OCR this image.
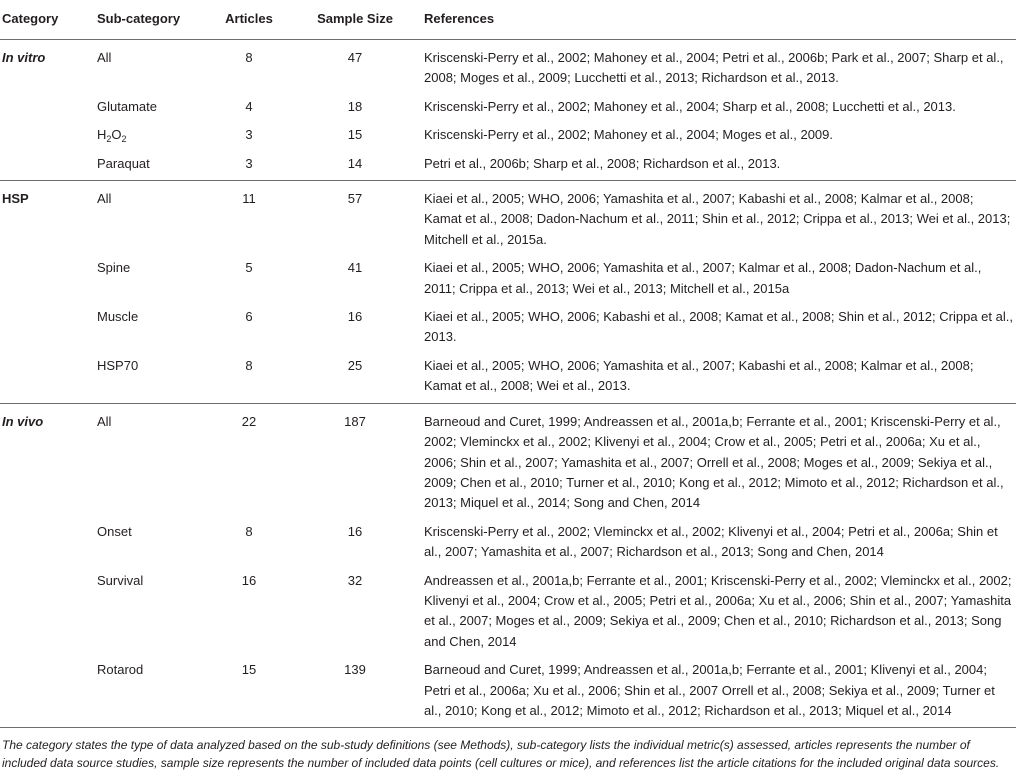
Category	Sub-category	Articles	Sample Size	References
In vitro	All	8	47	Kriscenski-Perry et al., 2002; Mahoney et al., 2004; Petri et al., 2006b; Park et al., 2007; Sharp et al., 2008; Moges et al., 2009; Lucchetti et al., 2013; Richardson et al., 2013.
	Glutamate	4	18	Kriscenski-Perry et al., 2002; Mahoney et al., 2004; Sharp et al., 2008; Lucchetti et al., 2013.
	$H_2O_2$	3	15	Kriscenski-Perry et al., 2002; Mahoney et al., 2004; Moges et al., 2009.
	Paraquat	3	14	Petri et al., 2006b; Sharp et al., 2008; Richardson et al., 2013.
HSP	All	11	57	Kiaei et al., 2005; WHO, 2006; Yamashita et al., 2007; Kabashi et al., 2008; Kalmar et al., 2008; Kamat et al., 2008; Dadon-Nachum et al., 2011; Shin et al., 2012; Crippa et al., 2013; Wei et al., 2013; Mitchell et al., 2015a.
	Spine	5	41	Kiaei et al., 2005; WHO, 2006; Yamashita et al., 2007; Kalmar et al., 2008; Dadon-Nachum et al., 2011; Crippa et al., 2013; Wei et al., 2013; Mitchell et al., 2015a
	Muscle	6	16	Kiaei et al., 2005; WHO, 2006; Kabashi et al., 2008; Kamat et al., 2008; Shin et al., 2012; Crippa et al., 2013.
	HSP70	8	25	Kiaei et al., 2005; WHO, 2006; Yamashita et al., 2007; Kabashi et al., 2008; Kalmar et al., 2008; Kamat et al., 2008; Wei et al., 2013.
In vivo	All	22	187	Barneoud and Curet, 1999; Andreassen et al., 2001a,b; Ferrante et al., 2001; Kriscenski-Perry et al., 2002; Vleminckx et al., 2002; Klivenyi et al., 2004; Crow et al., 2005; Petri et al., 2006a; Xu et al., 2006; Shin et al., 2007; Yamashita et al., 2007; Orrell et al., 2008; Moges et al., 2009; Sekiya et al., 2009; Chen et al., 2010; Turner et al., 2010; Kong et al., 2012; Mimoto et al., 2012; Richardson et al., 2013; Miquel et al., 2014; Song and Chen, 2014
	Onset	8	16	Kriscenski-Perry et al., 2002; Vleminckx et al., 2002; Klivenyi et al., 2004; Petri et al., 2006a; Shin et al., 2007; Yamashita et al., 2007; Richardson et al., 2013; Song and Chen, 2014
	Survival	16	32	Andreassen et al., 2001a,b; Ferrante et al., 2001; Kriscenski-Perry et al., 2002; Vleminckx et al., 2002; Klivenyi et al., 2004; Crow et al., 2005; Petri et al., 2006a; Xu et al., 2006; Shin et al., 2007; Yamashita et al., 2007; Moges et al., 2009; Sekiya et al., 2009; Chen et al., 2010; Richardson et al., 2013; Song and Chen, 2014
	Rotarod	15	139	Barneoud and Curet, 1999; Andreassen et al., 2001a,b; Ferrante et al., 2001; Klivenyi et al., 2004; Petri et al., 2006a; Xu et al., 2006; Shin et al., 2007 Orrell et al., 2008; Sekiya et al., 2009; Turner et al., 2010; Kong et al., 2012; Mimoto et al., 2012; Richardson et al., 2013; Miquel et al., 2014
The category states the type of data analyzed based on the sub-study definitions (see Methods), sub-category lists the individual metric(s) assessed, articles represents the number of included data source studies, sample size represents the number of included data points (cell cultures or mice), and references list the article citations for the included original data sources.
